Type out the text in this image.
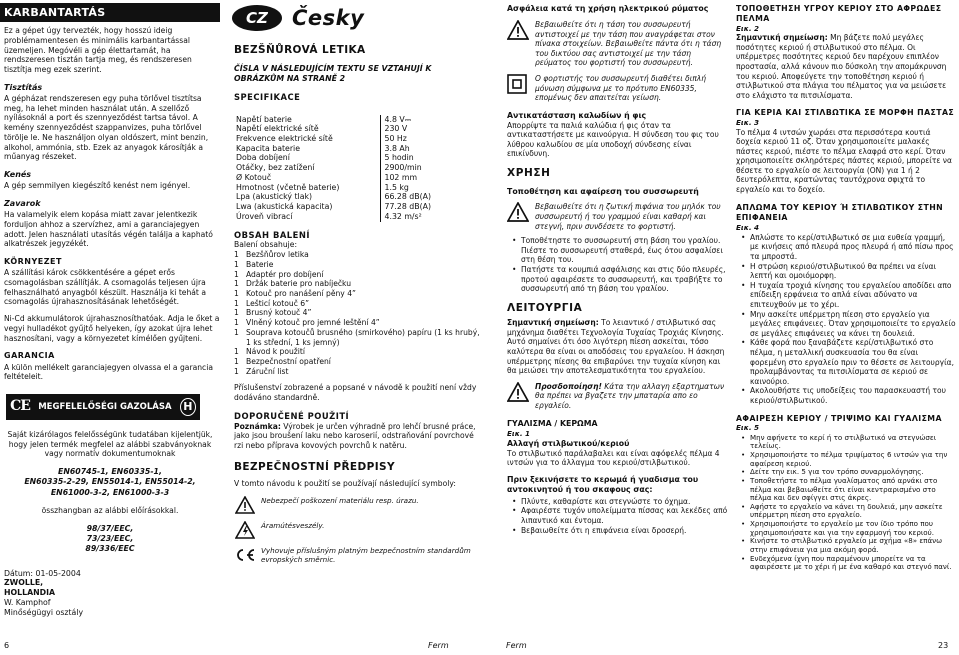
KARBANTARTÁS

Ez a gépet úgy tervezték, hogy hosszú ideig problémamentesen és minimális karbantartással üzemeljen. Megóvéli a gép élettartamát, ha rendszeresen tisztán tartja meg, és rendszeresen tisztítja meg ezek szerint.

Tisztítás

A gépházat rendszeresen egy puha törlővel tisztítsa meg, ha lehet minden használat után. A szellőző nyílásoknál a port és szennyeződést tartsa távol. A kemény szennyeződést szappanvizes, puha törlővel törölje le. Ne használjon olyan oldószert, mint benzin, alkohol, ammónia, stb. Ezek az anyagok károsítják a műanyag részeket.

Kenés

A gép semmilyen kiegészítő kenést nem igényel.

Zavarok

Ha valamelyik elem kopása miatt zavar jelentkezik forduljon ahhoz a szervízhez, ami a garanciajegyen adott. Jelen használati utasítás végén találja a kapható alkatrészek jegyzékét.

KÖRNYEZET

A szállítási károk csökkentésére a gépet erős csomagolásban szállítják. A csomagolás teljesen újra felhasználható anyagból készült. Használja ki tehát a csomagolás újrahasznosításának lehetőségét.

Ni-Cd akkumulátorok újrahasznosíthatóak. Adja le őket a vegyi hulladékot gyűjtő helyeken, így azokat újra lehet hasznosítani, vagy a környezetet kímélően gyűjteni.

GARANCIA

A külön mellékelt garanciajegyen olvassa el a garancia feltételeit.

CE MEGFELELŐSÉGI GAZOLÁSA	H

Saját kizárólagos felelősségünk tudatában kijelentjük, hogy jelen termék megfelel az alábbi szabványoknak vagy normatív dokumentumoknak

EN60745-1, EN60335-1,
EN60335-2-29, EN55014-1, EN55014-2,
EN61000-3-2, EN61000-3-3

összhangban az alábbi előírásokkal.

98/37/EEC,
73/23/EEC,
89/336/EEC
Dátum: 01-05-2004
ZWOLLE,
HOLLANDIA
W. Kamphof
Minőségügyi osztály
CZ	Česky
BEZŠŇŮROVÁ LETIKA
ČÍSLA V NÁSLEDUJÍCÍM TEXTU SE VZTAHUJÍ K OBRÁZKŮM NA STRANĚ 2
SPECIFIKACE
Napětí baterie	4.8 V⎓
Napětí elektrické sítě	230 V
Frekvence elektrické sítě	50 Hz
Kapacita baterie	3.8 Ah
Doba dobíjení	5 hodin
Otáčky, bez zatížení	2900/min
Ø Kotouč	102 mm
Hmotnost (včetně baterie)	1.5 kg
Lpa (akustický tlak)	66.28 dB(A)
Lwa (akustická kapacita)	77.28 dB(A)
Úroveň vibrací	4.32 m/s²
OBSAH BALENÍ
Balení obsahuje:
1 Bezšňůrov letika
1 Baterie
1 Adaptér pro dobíjení
1 Držák baterie pro nabíječku
1 Kotouč pro nanášení pěny 4”
1 Lešticí kotouč 6”
1 Brusný kotouč 4”
1 Vlněný kotouč pro jemné leštění 4”
1 Souprava kotoučů brusného (smirkového) papíru (1 ks hrubý, 1 ks střední, 1 ks jemný)
1 Návod k použití
1 Bezpečnostní opatření
1 Záruční list

Příslušenství zobrazené a popsané v návodě k použití není vždy dodáváno standardně.

DOPORUČENÉ POUŽITÍ

Poznámka: Výrobek je určen výhradně pro lehčí brusné práce, jako jsou broušení laku nebo karoserií, odstraňování povrchové rzi nebo příprava kovových povrchů k natěru.

BEZPEČNOSTNÍ PŘEDPISY

V tomto návodu k použití se používají následující symboly:

Nebezpečí poškození materiálu resp. úrazu.
Áramútésveszély.
Vyhovuje příslušným platným bezpečnostním standardům evropských směrnic.
Ασφάλεια κατά τη χρήση ηλεκτρικού ρύματος
Βεβαιωθείτε ότι η τάση του συσσωρευτή αντιστοιχεί με την τάση που αναγράφεται στον πίνακα στοιχείων. Βεβαιωθείτε πάντα ότι η τάση του δικτύου σας αντιστοιχεί με την τάση ρεύματος του φορτιστή του συσσωρευτή.
Ο φορτιστής του συσσωρευτή διαθέτει διπλή μόνωση σύμφωνα με το πρότυπο EN60335, επομένως δεν απαιτείται γείωση.
Αντικατάσταση καλωδίων ή φις

Απορρίψτε τα παλιά καλώδια ή φις όταν τα αντικαταστήσετε με καινούργια. Η σύνδεση του φις του λύθρου καλωδίου σε μία υποδοχή σύνδεσης είναι επικίνδυνη.

ΧΡΗΣΗ
Τοποθέτηση και αφαίρεση του συσσωρευτή
Βεβαιωθείτε ότι η ζωτική πιφάνια του μηλόκ του συσσωρευτή ή του γραμμού είναι καθαρή και στεγνή, πριν συνδέσετε το φορτιστή.
• Τοποθέτηστε το συσσωρευτή στη βάση του γραλίου. Πιέστε το συσσωρευτή σταθερά, έως ότου ασφαλίσει στη θέση του.
• Πατήστε τα κουμπιά ασφάλισης και στις δύο πλευρές, προτού αφαιρέσετε το συσσωρευτή, και τραβήξτε το συσσωρευτή από τη βάση του γραλίου.
ΛΕΙΤΟΥΡΓΙΑ

Σημαντική σημείωση: Το λειαντικό / στιλβωτικό σας μηχάνημα διαθέτει Τεχνολογία Τυχαίας Τροχιάς Κίνησης. Αυτό σημαίνει ότι όσο λιγότερη πίεση ασκείται, τόσο καλύτερα θα είναι οι αποδόσεις του εργαλείου. Η άσκηση υπέρμετρης πίεσης θα επιβαρύνει την τυχαία κίνηση και θα μειώσει την αποτελεσματικότητα του εργαλείου.

Προσδοποίηση! Κάτα την αλλαγη εξαρτηματων θα πρέπει να βγαζετε την μπαταρία απο εο εργαλείο.
ΓΥΑΛΙΣΜΑ / ΚΕΡΩΜΑ
Εικ. 1
Αλλαγή στιλβωτικού/κεριού

Το στιλβωτικό παράλαβαλει και είναι αφόφελές πέλμα 4 ιντσών για το άλλαγμα του κεριού/στιλβωτικού.

Πριν ξεκινήσετε το κερωμά ή γυαδισμα του αντοκινητού ή του σκαφους σας:
• Πλύντε, καθαρίστε και στεγνώστε το όχημα.
• Αφαιρέστε τυχόν υπολείμματα πίσσας και λεκέδες από λιπαντικό και έντομα.
• Βεβαιωθείτε ότι η επιφάνεια είναι δροσερή.
ΤΟΠΟΘΕΤΗΣΗ ΥΓΡΟΥ ΚΕΡΙΟΥ ΣΤΟ ΑΦΡΩΔΕΣ ΠΕΛΜΑ
Εικ. 2

Σημαντική σημείωση: Μη βάζετε πολύ μεγάλες ποσότητες κεριού ή στιλβωτικού στο πέλμα. Οι υπέρμετρες ποσότητες κεριού δεν παρέχουν επιπλέον προστασία, αλλά κάνουν πιο δύσκολη την απομάκρυνση του κεριού. Αποφεύγετε την τοποθέτηση κεριού ή στιλβωτικού στα πλάγια του πέλματος για να μειώσετε στο ελάχιστο τα πιτσιλίσματα.

ΓΙΑ ΚΕΡΙΑ ΚΑΙ ΣΤΙΛΒΩΤΙΚΑ ΣΕ ΜΟΡΦΗ ΠΑΣΤΑΣ
Εικ. 3

Το πέλμα 4 ιντσών χωράει στα περισσότερα κουτιά δοχεία κεριού 11 οζ. Όταν χρησιμοποιείτε μαλακές πάστες κεριού, πιέστε το πέλμα ελαφρά στο κερί. Όταν χρησιμοποιείτε σκληρότερες πάστες κεριού, μπορείτε να θέσετε το εργαλείο σε λειτουργία (ON) για 1 ή 2 δευτερόλεπτα, κρατώντας ταυτόχρονα σφιχτά το εργαλείο και το δοχείο.

ΑΠΛΩΜΑ ΤΟΥ ΚΕΡΙΟΥ Ή ΣΤΙΛΒΩΤΙΚΟΥ ΣΤΗΝ ΕΠΙΦΑΝΕΙΑ
Εικ. 4
• Απλώστε το κερί/στιλβωτικό σε μια ευθεία γραμμή, με κινήσεις από πλευρά προς πλευρά ή από πίσω προς τα μπροστά.
• Η στρώση κεριού/στιλβωτικού θα πρέπει να είναι λεπτή και ομοιόμορφη.
• Η τυχαία τροχιά κίνησης του εργαλείου αποδίδει απο επίδειξη ερφάνεια το απλά είναι αδύνατο να επιτευχθούν με το χέρι.
• Μην ασκείτε υπέρμετρη πίεση στο εργαλείο για μεγάλες επιφάνειες. Όταν χρησιμοποιείτε το εργαλείο σε μεγάλες επιφάνειες να κάνει τη δουλειά.
• Κάθε φορά που ξαναβάζετε κερί/στιλβωτικό στο πέλμα, η μεταλλική συσκευασία του θα είναι φορεμένη στο εργαλείο πριν το θέσετε σε λειτουργία, προλαμβάνοντας τα πιτσιλίσματα σε κεριού σε καινούριο.
• Ακολουθήστε τις υποδείξεις του παρασκευαστή του κεριού/στιλβωτικού.
ΑΦΑΙΡΕΣΗ ΚΕΡΙΟΥ / ΤΡΙΨΙΜΟ ΚΑΙ ΓΥΑΛΙΣΜΑ
Εικ. 5
• Μην αφήνετε το κερί ή το στιλβωτικό να στεγνώσει τελείως.
• Χρησιμοποιήστε το πέλμα τριψίματος 6 ιντσών για την αφαίρεση κεριού.
• Δείτε την εικ. 5 για τον τρόπο συναρμολόγησης.
• Τοποθετήστε το πέλμα γυαλίσματος από αρνάκι στο πέλμα και βεβαιωθείτε ότι είναι κεντραρισμένο στο πέλμα και δεν σφίγγει στις άκρες.
• Αφήστε το εργαλείο να κάνει τη δουλειά, μην ασκείτε υπέρμετρη πίεση στο εργαλείο.
• Χρησιμοποιήστε το εργαλείο με τον ίδιο τρόπο που χρησιμοποιήσατε και για την εφαρμογή του κεριού.
• Κινήστε το στιλβωτικό εργαλείο με σχήμα «8» επάνω στην επιφάνεια για μια ακόμη φορά.
• Ενδεχόμενα ίχνη που παραμένουν μπορείτε να τα αφαιρέσετε με το χέρι ή με ένα καθαρό και στεγνό πανί.
6	Ferm	Ferm	23
